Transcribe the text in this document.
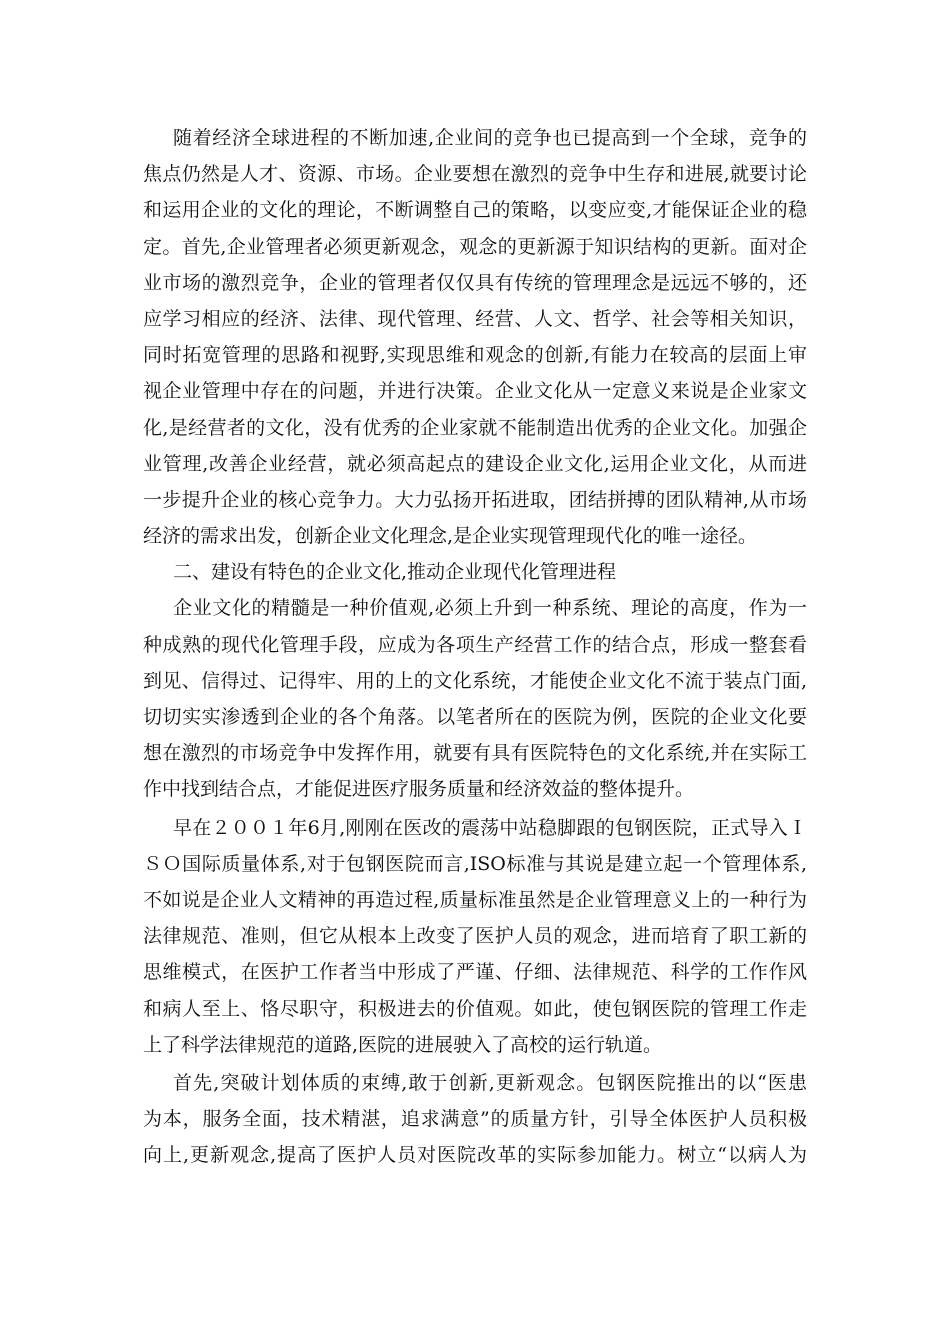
随着经济全球进程的不断加速,企业间的竞争也已提高到一个全球，竞争的
焦点仍然是人才、资源、市场。企业要想在激烈的竞争中生存和进展,就要讨论
和运用企业的文化的理论，不断调整自己的策略，以变应变,才能保证企业的稳
定。首先,企业管理者必须更新观念，观念的更新源于知识结构的更新。面对企
业市场的激烈竞争，企业的管理者仅仅具有传统的管理理念是远远不够的，还
应学习相应的经济、法律、现代管理、经营、人文、哲学、社会等相关知识，
同时拓宽管理的思路和视野,实现思维和观念的创新,有能力在较高的层面上审
视企业管理中存在的问题，并进行决策。企业文化从一定意义来说是企业家文
化,是经营者的文化，没有优秀的企业家就不能制造出优秀的企业文化。加强企
业管理,改善企业经营，就必须高起点的建设企业文化,运用企业文化，从而进
一步提升企业的核心竞争力。大力弘扬开拓进取，团结拼搏的团队精神,从市场
经济的需求出发，创新企业文化理念,是企业实现管理现代化的唯一途径。
二、建设有特色的企业文化,推动企业现代化管理进程
企业文化的精髓是一种价值观,必须上升到一种系统、理论的高度，作为一
种成熟的现代化管理手段，应成为各项生产经营工作的结合点，形成一整套看
到见、信得过、记得牢、用的上的文化系统，才能使企业文化不流于装点门面,
切切实实渗透到企业的各个角落。以笔者所在的医院为例，医院的企业文化要
想在激烈的市场竞争中发挥作用，就要有具有医院特色的文化系统,并在实际工
作中找到结合点，才能促进医疗服务质量和经济效益的整体提升。
早在２００１年6月,刚刚在医改的震荡中站稳脚跟的包钢医院，正式导入Ｉ
ＳＯ国际质量体系,对于包钢医院而言,ISO标准与其说是建立起一个管理体系,
不如说是企业人文精神的再造过程,质量标准虽然是企业管理意义上的一种行为
法律规范、准则，但它从根本上改变了医护人员的观念，进而培育了职工新的
思维模式，在医护工作者当中形成了严谨、仔细、法律规范、科学的工作作风
和病人至上、恪尽职守，积极进去的价值观。如此，使包钢医院的管理工作走
上了科学法律规范的道路,医院的进展驶入了高校的运行轨道。
首先,突破计划体质的束缚,敢于创新,更新观念。包钢医院推出的以“医患
为本，服务全面，技术精湛，追求满意”的质量方针，引导全体医护人员积极
向上,更新观念,提高了医护人员对医院改革的实际参加能力。树立“以病人为
